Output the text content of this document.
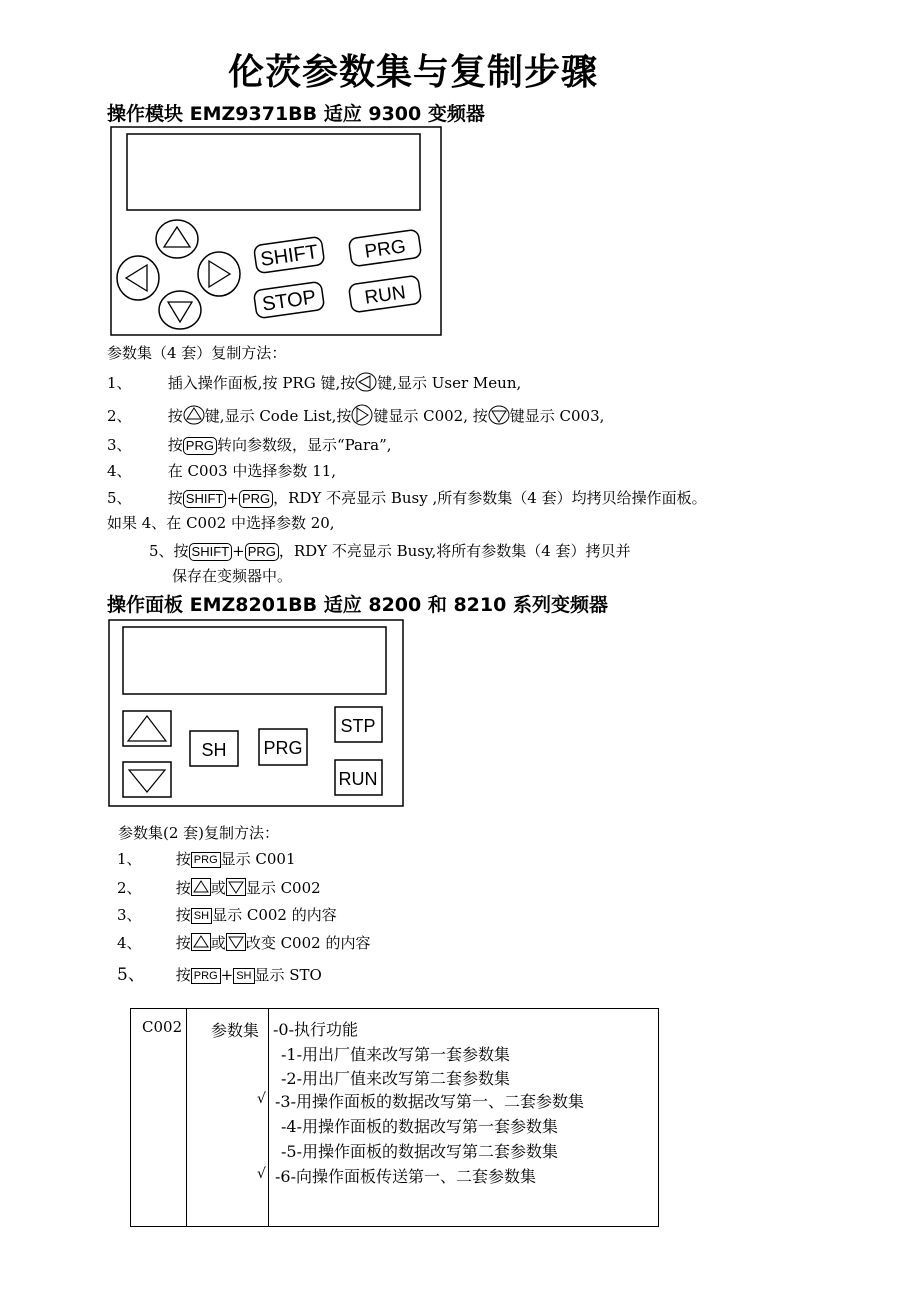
伦茨参数集与复制步骤
操作模块 EMZ9371BB 适应 9300 变频器
SHIFT PRG
STOP RUN
参数集（4 套）复制方法：
1、 插入操作面板,按 PRG 键,按 键,显示 User Meun,
2、 按 键,显示 Code List,按 键显示 C002, 按 键显示 C003,
3、 按 PRG 转向参数级，显示“Para”,
4、 在 C003 中选择参数 11,
5、 按 SHIFT + PRG ，RDY 不亮显示 Busy ,所有参数集（4 套）均拷贝给操作面板。
如果 4、在 C002 中选择参数 20,
5、按 SHIFT + PRG ，RDY 不亮显示 Busy,将所有参数集（4 套）拷贝并
保存在变频器中。
操作面板 EMZ8201BB 适应 8200 和 8210 系列变频器
SH PRG
STP
RUN
参数集(2 套)复制方法：
1、 按 PRG 显示 C001
2、 按 或 显示 C002
3、 按 SH 显示 C002 的内容
4、 按 或 改变 C002 的内容
5、 按 PRG + SH 显示 STO
C002 参数集 -0-执行功能
-1-用出厂值来改写第一套参数集
-2-用出厂值来改写第二套参数集
√ -3-用操作面板的数据改写第一、二套参数集
-4-用操作面板的数据改写第一套参数集
-5-用操作面板的数据改写第二套参数集
√ -6-向操作面板传送第一、二套参数集
